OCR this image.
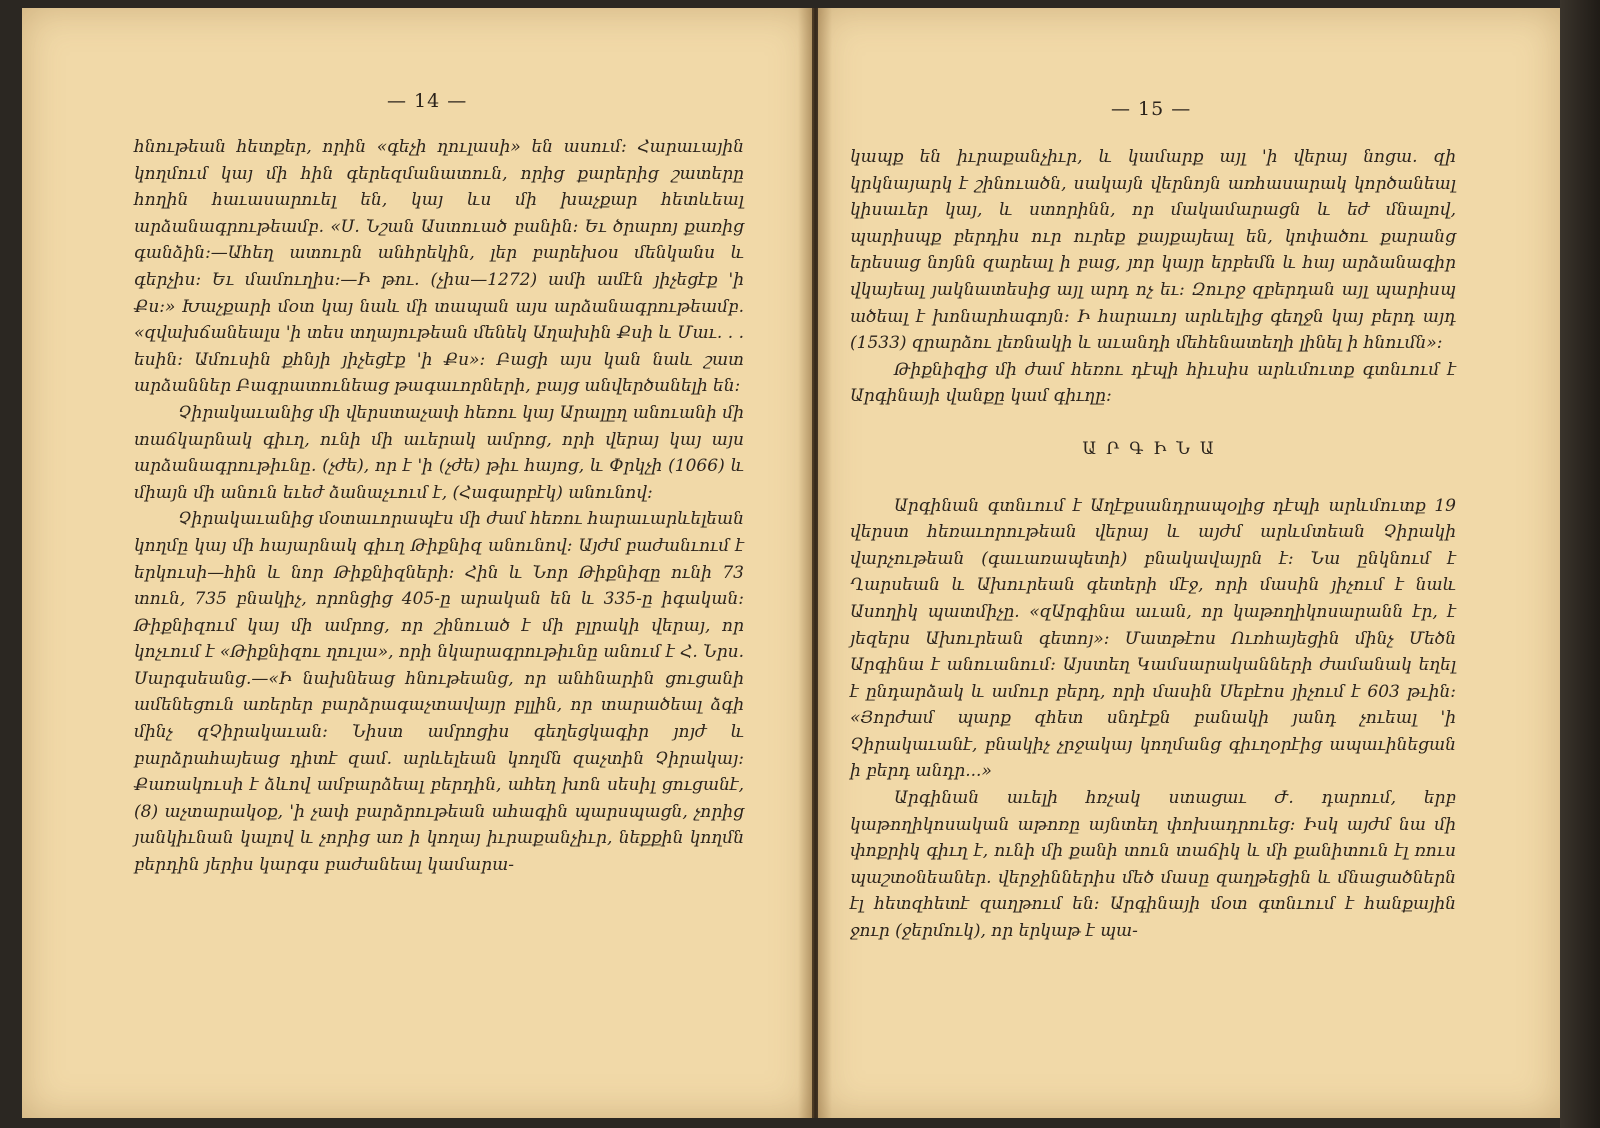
— 14 —

հնութեան հետքեր, որին «գեչի ղուլասի» են ասում: Հարաւային կողմում կայ մի հին գերեզմանատուն, որից քարերից շատերը հողին հաւասարուել են, կայ ևս մի խաչքար հետևեալ արձանագրութեամբ. «Ս. Նշան Աստուած բանին: Եւ ծրարոյ քառից գանձին:—Ահեղ ատուրն անհրեկին, լեր բարեխօս մենկանս և գերչիս: Եւ մամուղիս:—Ի թու. (չիա—1272) ամի ամէն յիչեցէք 'ի Քս:» Խաչքարի մօտ կայ նաև մի տապան այս արձանագրութեամբ. «զվախճանեալս 'ի տես տղայութեան մենեկ Աղախին Քսի և Մաւ. . . եսին: Ամուսին քհնյի յիչեցէք 'ի Քս»: Բացի այս կան նաև շատ արձաններ Բագրատունեաց թագաւորների, բայց անվերծանելի են:

Չիրակաւանից մի վերստաչափ հեռու կայ Արալըղ անուանի մի տաճկարնակ գիւղ, ունի մի աւերակ ամրոց, որի վերայ կայ այս արձանագրութիւնը. (չժե), որ է 'ի (չժե) թիւ հայոց, և Փրկչի (1066) և միայն մի անուն եւեժ ձանաչւում է, (Հագարբէկ) անունով:

Չիրակաւանից մօտաւորապէս մի ժամ հեռու հարաւարևելեան կողմը կայ մի հայարնակ գիւղ Թիքնիզ անունով: Այժմ բաժանւում է երկուսի—հին և նոր Թիքնիզների: Հին և Նոր Թիքնիզը ունի 73 տուն, 735 բնակիչ, որոնցից 405-ը արական են և 335-ը իգական: Թիքնիզում կայ մի ամրոց, որ շինուած է մի բլրակի վերայ, որ կոչւում է «Թիքնիզու ղուլա», որի նկարագրութիւնը անում է Հ. Նրս. Սարգսեանց.—«Ի նախնեաց հնութեանց, որ անհնարին ցուցանի ամենեցուն առերեր բարձրագաչտավայր բլլին, որ տարածեալ ձգի մինչ զՉիրակաւան: Նիստ ամրոցիս գեղեցկագիր յոյժ և բարձրահայեաց դիտէ զամ. արևելեան կողմն զաչտին Չիրակայ: Քառակուսի է ձևով ամբարձեալ բերդին, ահեղ խոն սեսիլ ցուցանէ, (8) աչտարակօք, 'ի չափ բարձրութեան ահագին պարսպացն, չորից յանկիւնան կալով և չորից առ ի կողայ իւրաքանչիւր, նեքքին կողմն բերդին յերիս կարգս բաժանեալ կամարա-

— 15 —

կապք են իւրաքանչիւր, և կամարք այլ 'ի վերայ նոցա. զի կրկնայարկ է շինուածն, սակայն վերնոյն առհասարակ կործանեալ կիսաւեր կայ, և ստորինն, որ մակամարացն և եժ մնալով, պարիսպք բերդիս ուր ուրեք քայքայեալ են, կոփածու քարանց երեսաց նոյնն զարեալ ի բաց, յոր կայր երբեմն և հայ արձանագիր վկայեալ յակնատեսից այլ արդ ոչ եւ: Զուրջ զբերդան այլ պարիսպ ածեալ է խոնարհագոյն: Ի հարաւոյ արևելից գեղջն կայ բերդ այդ (1533) զրարձու լեռնակի և աւանդի մեհենատեղի լինել ի հնումն»:

Թիքնիզից մի ժամ հեռու դէպի հիւսիս արևմուտք գտնւում է Արգինայի վանքը կամ գիւղը:

ԱՐԳԻՆԱ

Արգինան գտնւում է Աղէքսանդրապօլից դէպի արևմուտք 19 վերստ հեռաւորութեան վերայ և այժմ արևմտեան Չիրակի վարչութեան (գաւառապետի) բնակավայրն է: Նա ընկնում է Ղարսեան և Ախուրեան գետերի մէջ, որի մասին յիչում է նաև Ասողիկ պատմիչը. «զԱրգինա աւան, որ կաթողիկոսարանն էր, է յեզերս Ախուրեան գետոյ»: Մատթէոս Ուռհայեցին մինչ Մեծն Արգինա է անուանում: Այստեղ Կամսարականների ժամանակ եղել է ընդարձակ և ամուր բերդ, որի մասին Սեբէոս յիչում է 603 թւին: «Յորժամ պարք զհետ սնդէքն բանակի յանդ չուեալ 'ի Չիրակաւանէ, բնակիչ չրջակայ կողմանց գիւղօրէից ապաւինեցան ի բերդ անդր...»

Արգինան աւելի հռչակ ստացաւ Ժ. դարում, երբ կաթողիկոսական աթոռը այնտեղ փոխադրուեց: Իսկ այժմ նա մի փոքրիկ գիւղ է, ունի մի քանի տուն տաճիկ և մի քանիտուն էլ ռուս պաշտօնեաներ. վերջիններիս մեծ մասը զաղթեցին և մնացածներն էլ հետզհետէ զաղթում են: Արգինայի մօտ գտնւում է հանքային ջուր (ջերմուկ), որ երկաթ է պա-
